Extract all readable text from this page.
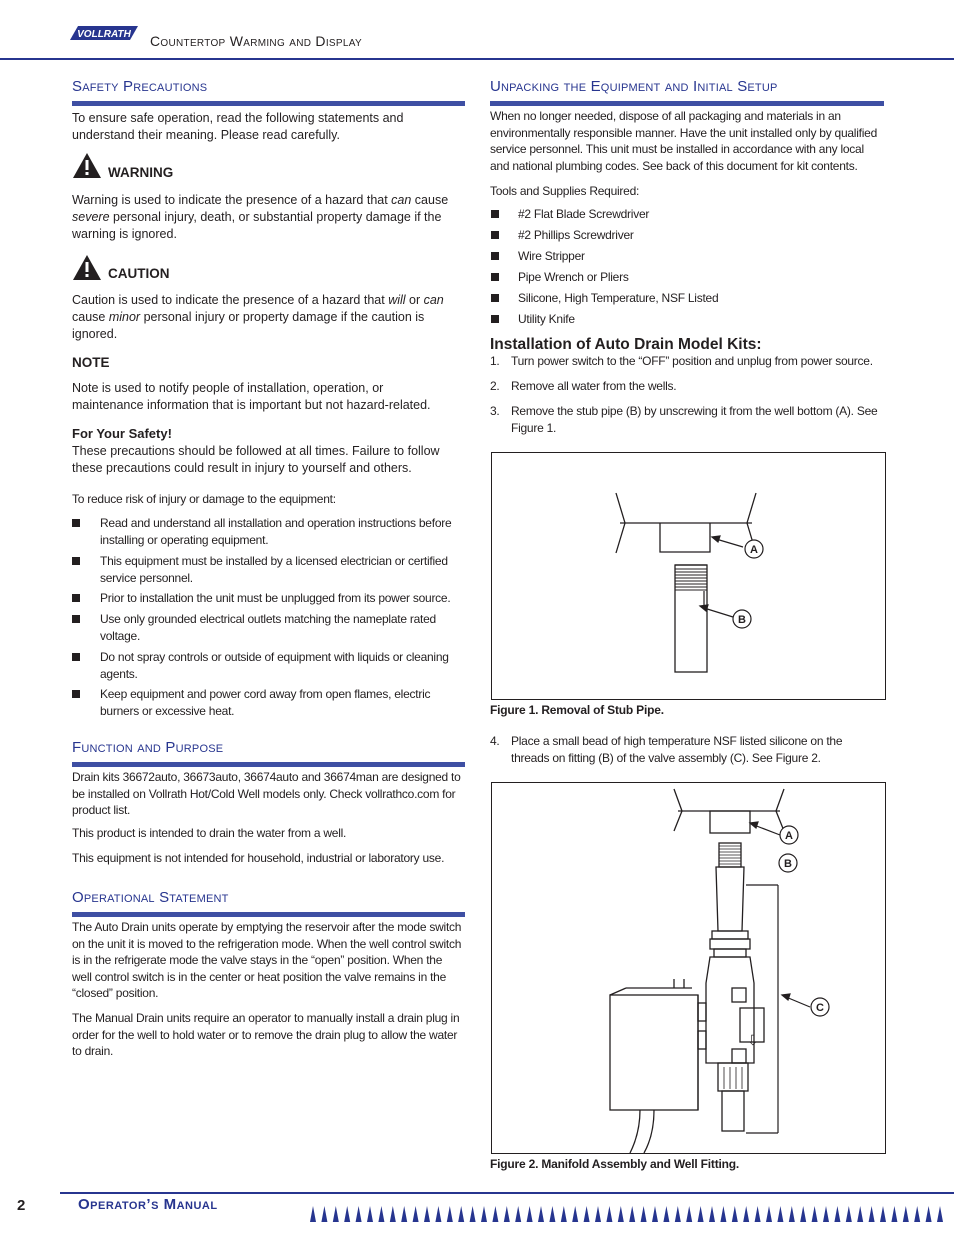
VOLLRATH Countertop Warming and Display
Safety Precautions
To ensure safe operation, read the following statements and
understand their meaning. Please read carefully.
WARNING
Warning is used to indicate the presence of a hazard that can cause
severe personal injury, death, or substantial property damage if the
warning is ignored.
CAUTION
Caution is used to indicate the presence of a hazard that will or can
cause minor personal injury or property damage if the caution is
ignored.
NOTE
Note is used to notify people of installation, operation, or
maintenance information that is important but not hazard-related.
For Your Safety!
These precautions should be followed at all times. Failure to follow
these precautions could result in injury to yourself and others.
To reduce risk of injury or damage to the equipment:
Read and understand all installation and operation instructions before
installing or operating equipment.
This equipment must be installed by a licensed electrician or certified
service personnel.
Prior to installation the unit must be unplugged from its power source.
Use only grounded electrical outlets matching the nameplate rated
voltage.
Do not spray controls or outside of equipment with liquids or cleaning
agents.
Keep equipment and power cord away from open flames, electric
burners or excessive heat.
Function and Purpose
Drain kits 36672auto, 36673auto, 36674auto and 36674man are designed to
be installed on Vollrath Hot/Cold Well models only. Check vollrathco.com for
product list.
This product is intended to drain the water from a well.
This equipment is not intended for household, industrial or laboratory use.
Operational Statement
The Auto Drain units operate by emptying the reservoir after the mode switch
on the unit it is moved to the refrigeration mode. When the well control switch
is in the refrigerate mode the valve stays in the “open” position. When the
well control switch is in the center or heat position the valve remains in the
“closed” position.
The Manual Drain units require an operator to manually install a drain plug in
order for the well to hold water or to remove the drain plug to allow the water
to drain.
Unpacking the Equipment and Initial Setup
When no longer needed, dispose of all packaging and materials in an
environmentally responsible manner. Have the unit installed only by qualified
service personnel. This unit must be installed in accordance with any local
and national plumbing codes. See back of this document for kit contents.
Tools and Supplies Required:
#2 Flat Blade Screwdriver
#2 Phillips Screwdriver
Wire Stripper
Pipe Wrench or Pliers
Silicone, High Temperature, NSF Listed
Utility Knife
Installation of Auto Drain Model Kits:
1. Turn power switch to the “OFF” position and unplug from power source.
2. Remove all water from the wells.
3. Remove the stub pipe (B) by unscrewing it from the well bottom (A). See
Figure 1.
A
B
Figure 1. Removal of Stub Pipe.
4. Place a small bead of high temperature NSF listed silicone on the
threads on fitting (B) of the valve assembly (C). See Figure 2.
⇩
A
B
C
Figure 2. Manifold Assembly and Well Fitting.
2	Operator’s Manual
